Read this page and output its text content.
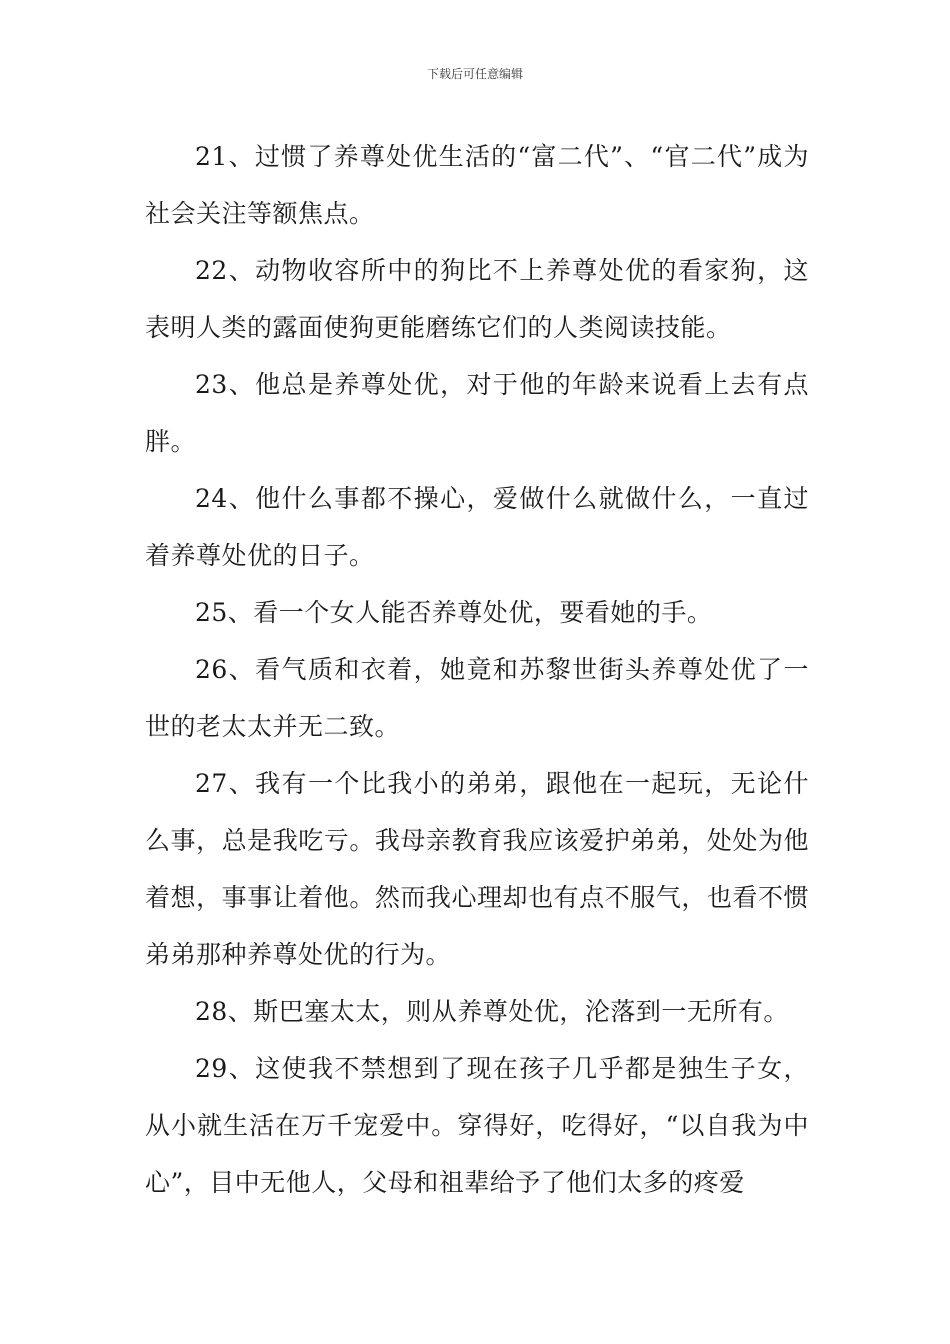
下载后可任意编辑

21、过惯了养尊处优生活的“富二代”、“官二代”成为社会关注等额焦点。

22、动物收容所中的狗比不上养尊处优的看家狗，这表明人类的露面使狗更能磨练它们的人类阅读技能。

23、他总是养尊处优，对于他的年龄来说看上去有点胖。

24、他什么事都不操心，爱做什么就做什么，一直过着养尊处优的日子。

25、看一个女人能否养尊处优，要看她的手。

26、看气质和衣着，她竟和苏黎世街头养尊处优了一世的老太太并无二致。

27、我有一个比我小的弟弟，跟他在一起玩，无论什么事，总是我吃亏。我母亲教育我应该爱护弟弟，处处为他着想，事事让着他。然而我心理却也有点不服气，也看不惯弟弟那种养尊处优的行为。

28、斯巴塞太太，则从养尊处优，沦落到一无所有。

29、这使我不禁想到了现在孩子几乎都是独生子女，从小就生活在万千宠爱中。穿得好，吃得好，“以自我为中心”，目中无他人，父母和祖辈给予了他们太多的疼爱
